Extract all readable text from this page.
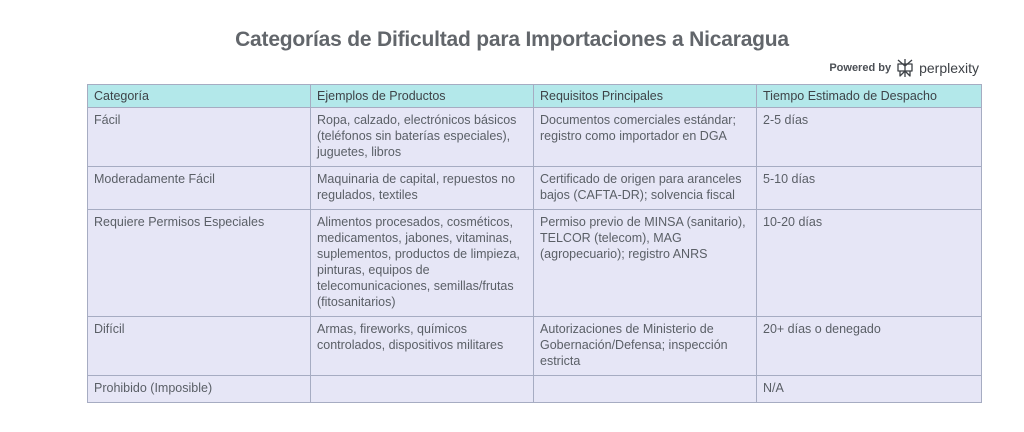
Categorías de Dificultad para Importaciones a Nicaragua
Powered by perplexity
Categoría	Ejemplos de Productos	Requisitos Principales	Tiempo Estimado de Despacho
Fácil	Ropa, calzado, electrónicos básicos (teléfonos sin baterías especiales), juguetes, libros	Documentos comerciales estándar; registro como importador en DGA	2-5 días
Moderadamente Fácil	Maquinaria de capital, repuestos no regulados, textiles	Certificado de origen para aranceles bajos (CAFTA-DR); solvencia fiscal	5-10 días
Requiere Permisos Especiales	Alimentos procesados, cosméticos, medicamentos, jabones, vitaminas, suplementos, productos de limpieza, pinturas, equipos de telecomunicaciones, semillas/frutas (fitosanitarios)	Permiso previo de MINSA (sanitario), TELCOR (telecom), MAG (agropecuario); registro ANRS	10-20 días
Difícil	Armas, fireworks, químicos controlados, dispositivos militares	Autorizaciones de Ministerio de Gobernación/Defensa; inspección estricta	20+ días o denegado
Prohibido (Imposible)			N/A
